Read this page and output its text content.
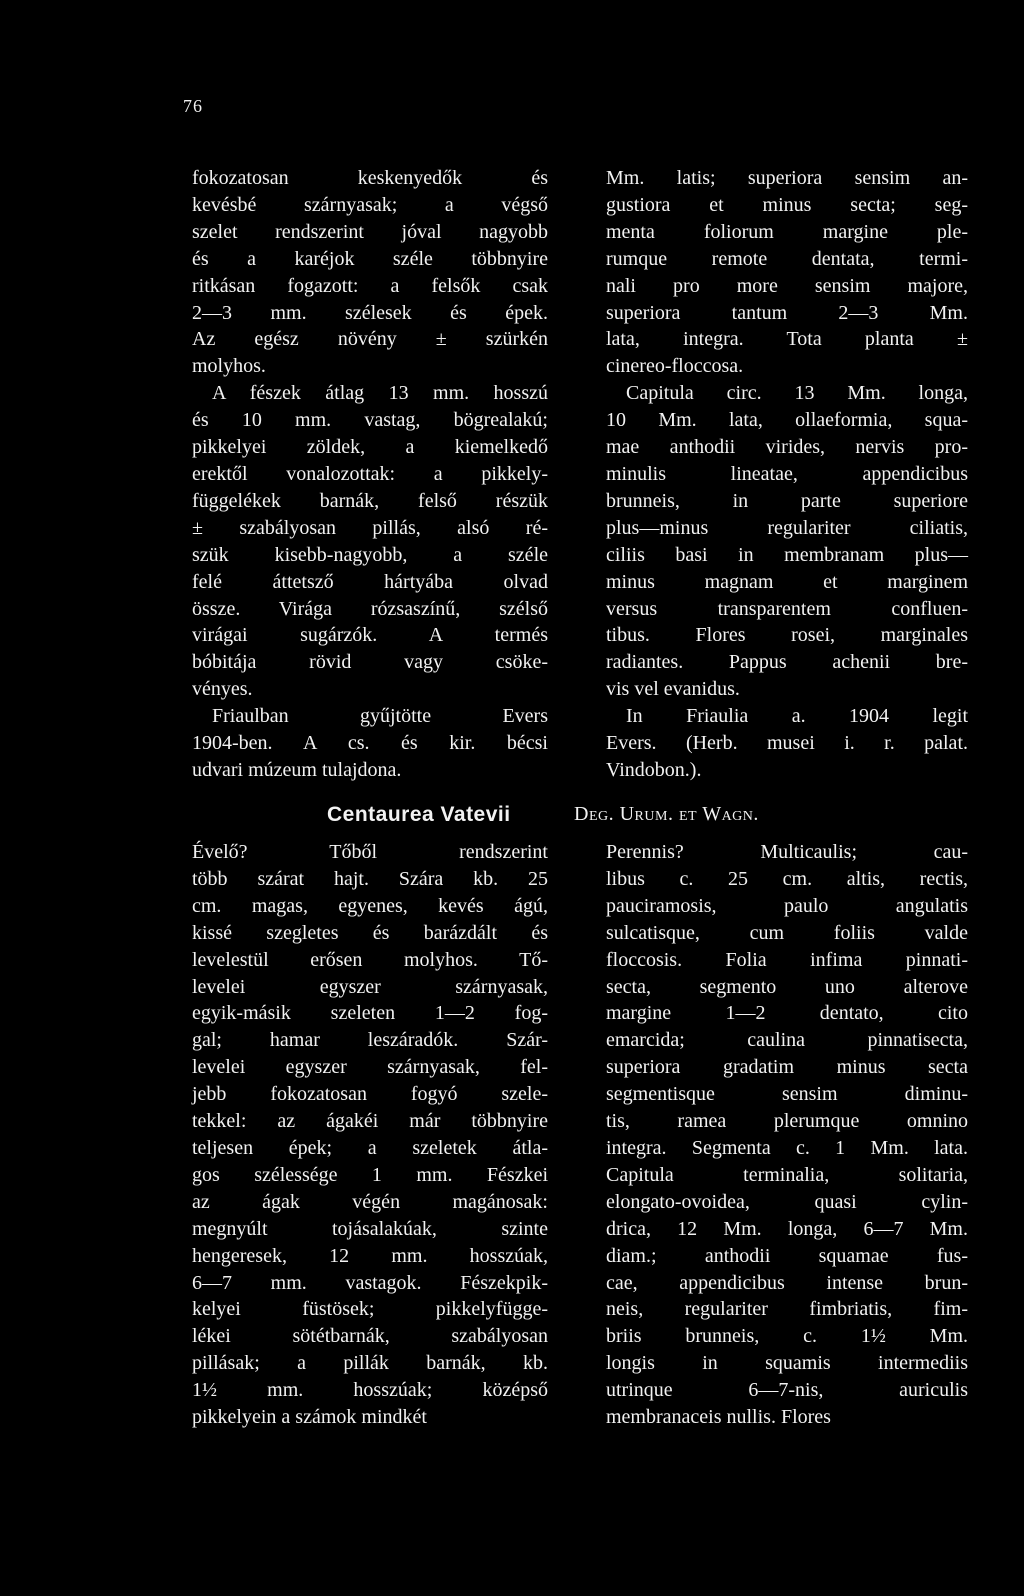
76
fokozatosan keskenyedők és
kevésbé szárnyasak; a végső
szelet rendszerint jóval nagyobb
és a karéjok széle többnyire
ritkásan fogazott: a felsők csak
2—3 mm. szélesek és épek.
Az egész növény ± szürkén
molyhos.
A fészek átlag 13 mm. hosszú
és 10 mm. vastag, bögrealakú;
pikkelyei zöldek, a kiemelkedő
erektől vonalozottak: a pikkely-
függelékek barnák, felső részük
± szabályosan pillás, alsó ré-
szük kisebb-nagyobb, a széle
felé áttetsző hártyába olvad
össze. Virága rózsaszínű, szélső
virágai sugárzók. A termés
bóbitája rövid vagy csöke-
vényes.
Friaulban gyűjtötte Evers
1904-ben. A cs. és kir. bécsi
udvari múzeum tulajdona.
Mm. latis; superiora sensim an-
gustiora et minus secta; seg-
menta foliorum margine ple-
rumque remote dentata, termi-
nali pro more sensim majore,
superiora tantum 2—3 Mm.
lata, integra. Tota planta ±
cinereo-floccosa.
Capitula circ. 13 Mm. longa,
10 Mm. lata, ollaeformia, squa-
mae anthodii virides, nervis pro-
minulis lineatae, appendicibus
brunneis, in parte superiore
plus—minus regulariter ciliatis,
ciliis basi in membranam plus—
minus magnam et marginem
versus transparentem confluen-
tibus. Flores rosei, marginales
radiantes. Pappus achenii bre-
vis vel evanidus.
In Friaulia a. 1904 legit
Evers. (Herb. musei i. r. palat.
Vindobon.).
Centaurea Vatevii	Deg. Urum. et Wagn.
Évelő? Tőből rendszerint
több szárat hajt. Szára kb. 25
cm. magas, egyenes, kevés ágú,
kissé szegletes és barázdált és
levelestül erősen molyhos. Tő-
levelei egyszer szárnyasak,
egyik-másik szeleten 1—2 fog-
gal; hamar leszáradók. Szár-
levelei egyszer szárnyasak, fel-
jebb fokozatosan fogyó szele-
tekkel: az ágakéi már többnyire
teljesen épek; a szeletek átla-
gos szélessége 1 mm. Fészkei
az ágak végén magánosak:
megnyúlt tojásalakúak, szinte
hengeresek, 12 mm. hosszúak,
6—7 mm. vastagok. Fészekpik-
kelyei füstösek; pikkelyfügge-
lékei sötétbarnák, szabályosan
pillásak; a pillák barnák, kb.
1½ mm. hosszúak; középső
pikkelyein a számok mindkét
Perennis? Multicaulis; cau-
libus c. 25 cm. altis, rectis,
pauciramosis, paulo angulatis
sulcatisque, cum foliis valde
floccosis. Folia infima pinnati-
secta, segmento uno alterove
margine 1—2 dentato, cito
emarcida; caulina pinnatisecta,
superiora gradatim minus secta
segmentisque sensim diminu-
tis, ramea plerumque omnino
integra. Segmenta c. 1 Mm. lata.
Capitula terminalia, solitaria,
elongato-ovoidea, quasi cylin-
drica, 12 Mm. longa, 6—7 Mm.
diam.; anthodii squamae fus-
cae, appendicibus intense brun-
neis, regulariter fimbriatis, fim-
briis brunneis, c. 1½ Mm.
longis in squamis intermediis
utrinque 6—7-nis, auriculis
membranaceis nullis. Flores
